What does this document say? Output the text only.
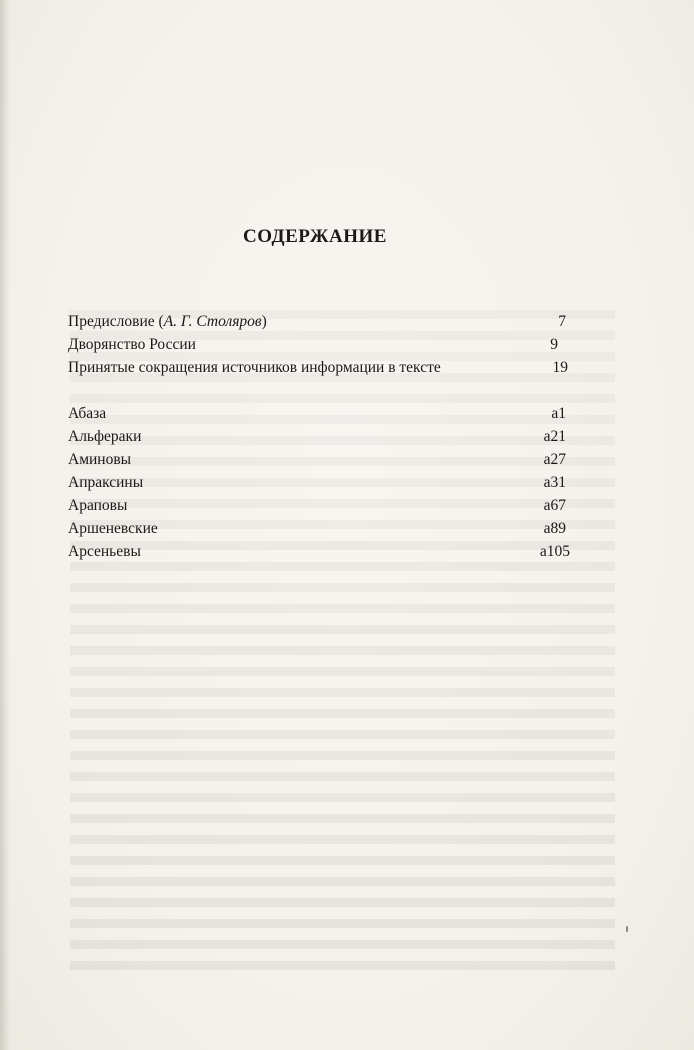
СОДЕРЖАНИЕ
Предисловие (А. Г. Столяров)	7
Дворянство России	9
Принятые сокращения источников информации в тексте	19
Абаза	а1
Альфераки	а21
Аминовы	а27
Апраксины	а31
Араповы	а67
Аршеневские	а89
Арсеньевы	а105
